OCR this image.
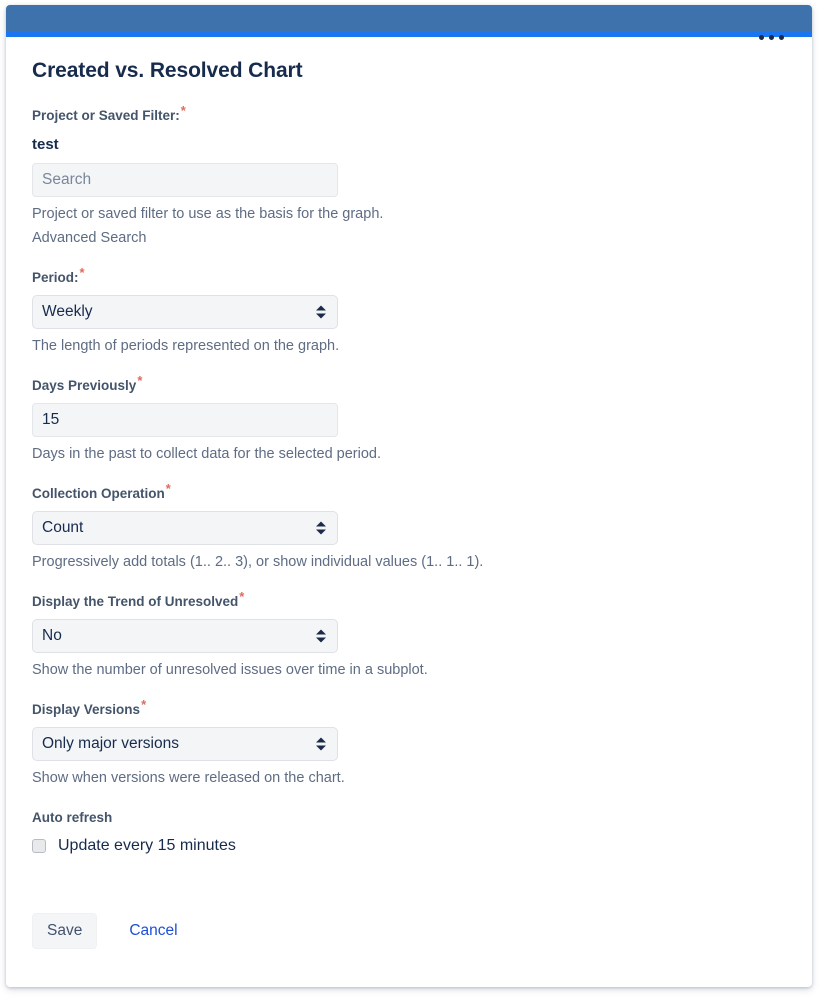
Created vs. Resolved Chart
Project or Saved Filter:*
test
Search
Project or saved filter to use as the basis for the graph.
Advanced Search
Period:*
Weekly
The length of periods represented on the graph.
Days Previously*
15
Days in the past to collect data for the selected period.
Collection Operation*
Count
Progressively add totals (1.. 2.. 3), or show individual values (1.. 1.. 1).
Display the Trend of Unresolved*
No
Show the number of unresolved issues over time in a subplot.
Display Versions*
Only major versions
Show when versions were released on the chart.
Auto refresh
Update every 15 minutes
Save	Cancel
